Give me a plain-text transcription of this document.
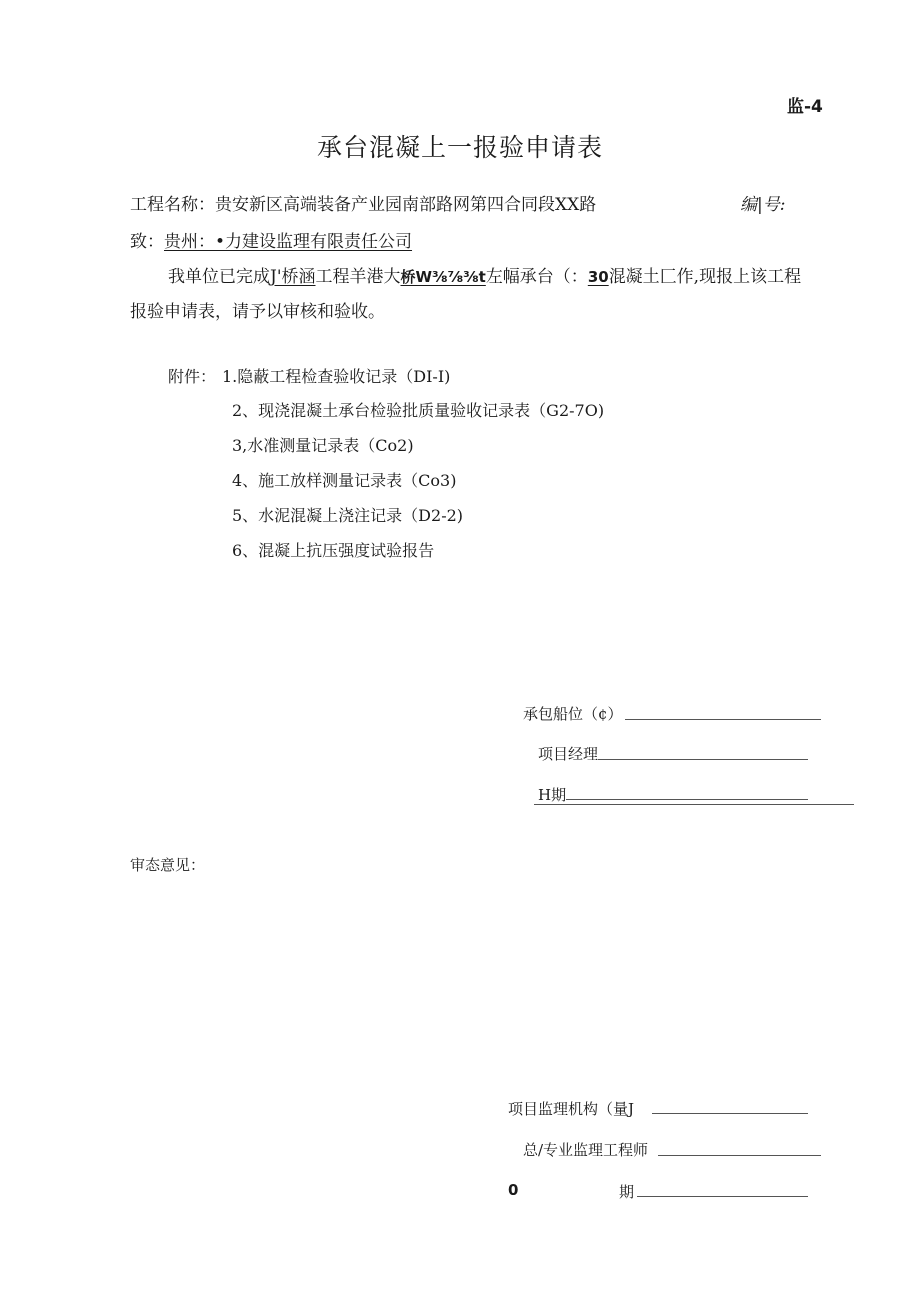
监-4
承台混凝上一报验申请表
工程名称：贵安新区高端装备产业园南部路网第四合同段XX路	编|号:
致：贵州：•力建设监理有限责任公司
我单位已完成J'桥涵工程羊港大桥W⅜⅞⅜t左幅承台（：30混凝土匚作,现报上该工程
报验申请表，请予以审核和验收。
附件： 1.隐蔽工程检查验收记录（DI-I)
2、现浇混凝土承台检验批质量验收记录表（G2-7O)
3,水准测量记录表（Co2)
4、施工放样测量记录表（Co3)
5、水泥混凝上浇注记录（D2-2)
6、混凝上抗压强度试验报告
承包船位（¢）
项目经理
H期
审态意见：
项目监理机构（量J
总/专业监理工程师
0	期
